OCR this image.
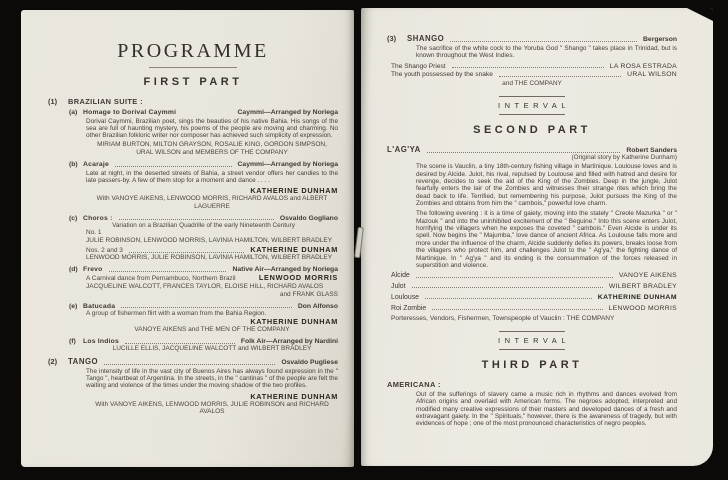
PROGRAMME
FIRST PART
(1)	BRAZILIAN SUITE :
(a) Homage to Dorival Caymmi	Caymmi—Arranged by Noriega
Dorival Caymmi, Brazilian poet, sings the beauties of his native Bahia. His songs of the sea are full of haunting mystery, his poems of the people are moving and charming. No other Brazilian folkloric writer nor composer has achieved such simplicity of expression.
MIRIAM BURTON, MILTON GRAYSON, ROSALIE KING, GORDON SIMPSON,
URAL WILSON and MEMBERS OF THE COMPANY
(b) Acaraje	Caymmi—Arranged by Noriega
Late at night, in the deserted streets of Bahia, a street vendor offers her candies to the late passers-by. A few of them stop for a moment and dance . . . .
KATHERINE DUNHAM
With VANOYE AIKENS, LENWOOD MORRIS, RICHARD AVALOS and ALBERT LAGUERRE
(c) Choros :	Osvaldo Gogliano
Variation on a Brazilian Quadrille of the early Nineteenth Century
No. 1
JULIE ROBINSON, LENWOOD MORRIS, LAVINIA HAMILTON, WILBERT BRADLEY
Nos. 2 and 3	KATHERINE DUNHAM
LENWOOD MORRIS, JULIE ROBINSON, LAVINIA HAMILTON, WILBERT BRADLEY
(d) Frevo	Native Air—Arranged by Noriega
A Carnival dance from Pernambuco, Northern Brazil	LENWOOD MORRIS
JACQUELINE WALCOTT, FRANCES TAYLOR, ELOISE HILL, RICHARD AVALOS
and FRANK GLASS
(e) Batucada	Don Alfonso
A group of fishermen flirt with a woman from the Bahia Region.
KATHERINE DUNHAM
VANOYE AIKENS and THE MEN OF THE COMPANY
(f)	Los Indios	Folk Air—Arranged by Nardini
LUCILLE ELLIS, JACQUELINE WALCOTT and WILBERT BRADLEY
(2)	TANGO	Osvaldo Pugliese
The intensity of life in the vast city of Buenos Aires has always found expression in the " Tango ", heartbeat of Argentina. In the streets, in the " cantinas " of the people are felt the waiting and violence of the times under the moving shadow of the two profiles.
KATHERINE DUNHAM
With VANOYE AIKENS, LENWOOD MORRIS, JULIE ROBINSON and RICHARD AVALOS
(3)	SHANGO	Bergerson
The sacrifice of the white cock to the Yoruba God " Shango " takes place in Trinidad, but is known throughout the West Indies.
The Shango Priest	LA ROSA ESTRADA
The youth possessed by the snake	URAL WILSON
and THE COMPANY
INTERVAL
SECOND PART
L'AG'YA	Robert Sanders
(Original story by Katherine Dunham)
The scene is Vauclin, a tiny 18th-century fishing village in Martinique. Loulouse loves and is desired by Alcide. Julot, his rival, repulsed by Loulouse and filled with hatred and desire for revenge, decides to seek the aid of the King of the Zombies. Deep in the jungle, Julot fearfully enters the lair of the Zombies and witnesses their strange rites which bring the dead back to life. Terrified, but remembering his purpose, Julot pursues the King of the Zombies and obtains from him the " cambois," powerful love charm.
The following evening : it is a time of gaiety, moving into the stately " Creole Mazurka " or " Mazouk " and into the uninhibited excitement of the " Beguine." Into this scene enters Julot, horrifying the villagers when he exposes the coveted " cambois." Even Alcide is under its spell. Now begins the " Majumba," love dance of ancient Africa. As Loulouse falls more and more under the influence of the charm, Alcide suddenly defies its powers, breaks loose from the villagers who protect him, and challenges Julot to the " Ag'ya," the fighting dance of Martinique. In " Ag'ya " and its ending is the consummation of the forces released in superstition and violence.
Alcide	VANOYE AIKENS
Julot	WILBERT BRADLEY
Loulouse	KATHERINE DUNHAM
Roi Zombie	LENWOOD MORRIS
Porteresses, Vendors, Fishermen, Townspeople of Vauclin : THE COMPANY
INTERVAL
THIRD PART
AMERICANA :
Out of the sufferings of slavery came a music rich in rhythms and dances evolved from African origins and overlaid with American forms. The negroes adopted, interpreted and modified many creative expressions of their masters and developed dances of a fresh and extravagant gaiety. In the " Spirituals," however, there is the awareness of tragedy, but with evidences of hope ; one of the most pronounced characteristics of negro peoples.
